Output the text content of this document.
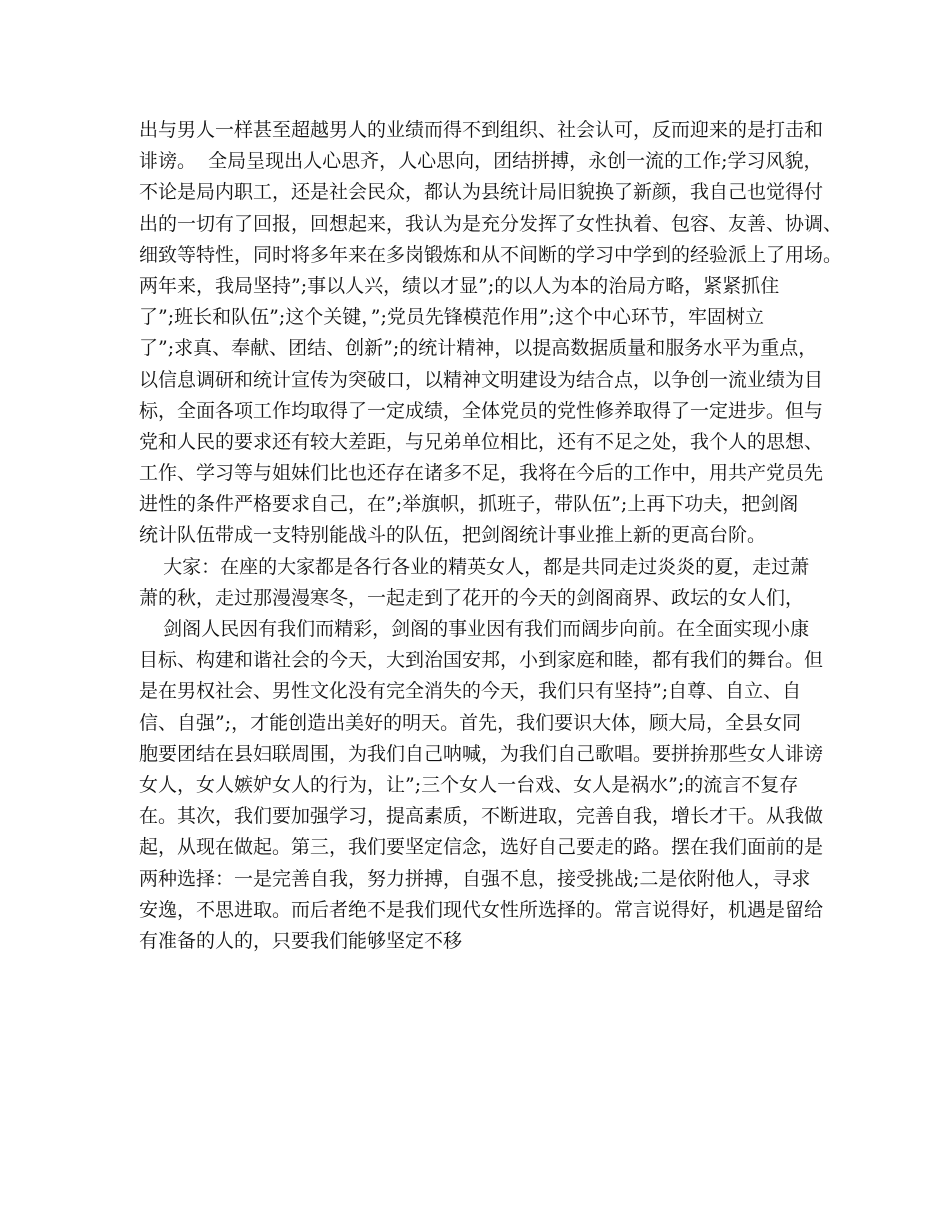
出与男人一样甚至超越男人的业绩而得不到组织、社会认可，反而迎来的是打击和
诽谤。  全局呈现出人心思齐，人心思向，团结拼搏，永创一流的工作;学习风貌，
不论是局内职工，还是社会民众，都认为县统计局旧貌换了新颜，我自己也觉得付
出的一切有了回报，回想起来，我认为是充分发挥了女性执着、包容、友善、协调、
细致等特性，同时将多年来在多岗锻炼和从不间断的学习中学到的经验派上了用场。
两年来，我局坚持”;事以人兴，绩以才显”;的以人为本的治局方略，紧紧抓住
了”;班长和队伍”;这个关键，”;党员先锋模范作用”;这个中心环节，牢固树立
了”;求真、奉献、团结、创新”;的统计精神，以提高数据质量和服务水平为重点，
以信息调研和统计宣传为突破口，以精神文明建设为结合点，以争创一流业绩为目
标，全面各项工作均取得了一定成绩，全体党员的党性修养取得了一定进步。但与
党和人民的要求还有较大差距，与兄弟单位相比，还有不足之处，我个人的思想、
工作、学习等与姐妹们比也还存在诸多不足，我将在今后的工作中，用共产党员先
进性的条件严格要求自己，在”;举旗帜，抓班子，带队伍”;上再下功夫，把剑阁
统计队伍带成一支特别能战斗的队伍，把剑阁统计事业推上新的更高台阶。
大家：在座的大家都是各行各业的精英女人，都是共同走过炎炎的夏，走过萧
萧的秋，走过那漫漫寒冬，一起走到了花开的今天的剑阁商界、政坛的女人们，
剑阁人民因有我们而精彩，剑阁的事业因有我们而阔步向前。在全面实现小康
目标、构建和谐社会的今天，大到治国安邦，小到家庭和睦，都有我们的舞台。但
是在男权社会、男性文化没有完全消失的今天，我们只有坚持”;自尊、自立、自
信、自强”;，才能创造出美好的明天。首先，我们要识大体，顾大局，全县女同
胞要团结在县妇联周围，为我们自己呐喊，为我们自己歌唱。要拼拚那些女人诽谤
女人，女人嫉妒女人的行为，让”;三个女人一台戏、女人是祸水”;的流言不复存
在。其次，我们要加强学习，提高素质，不断进取，完善自我，增长才干。从我做
起，从现在做起。第三，我们要坚定信念，选好自己要走的路。摆在我们面前的是
两种选择：一是完善自我，努力拼搏，自强不息，接受挑战;二是依附他人，寻求
安逸，不思进取。而后者绝不是我们现代女性所选择的。常言说得好，机遇是留给
有准备的人的，只要我们能够坚定不移
